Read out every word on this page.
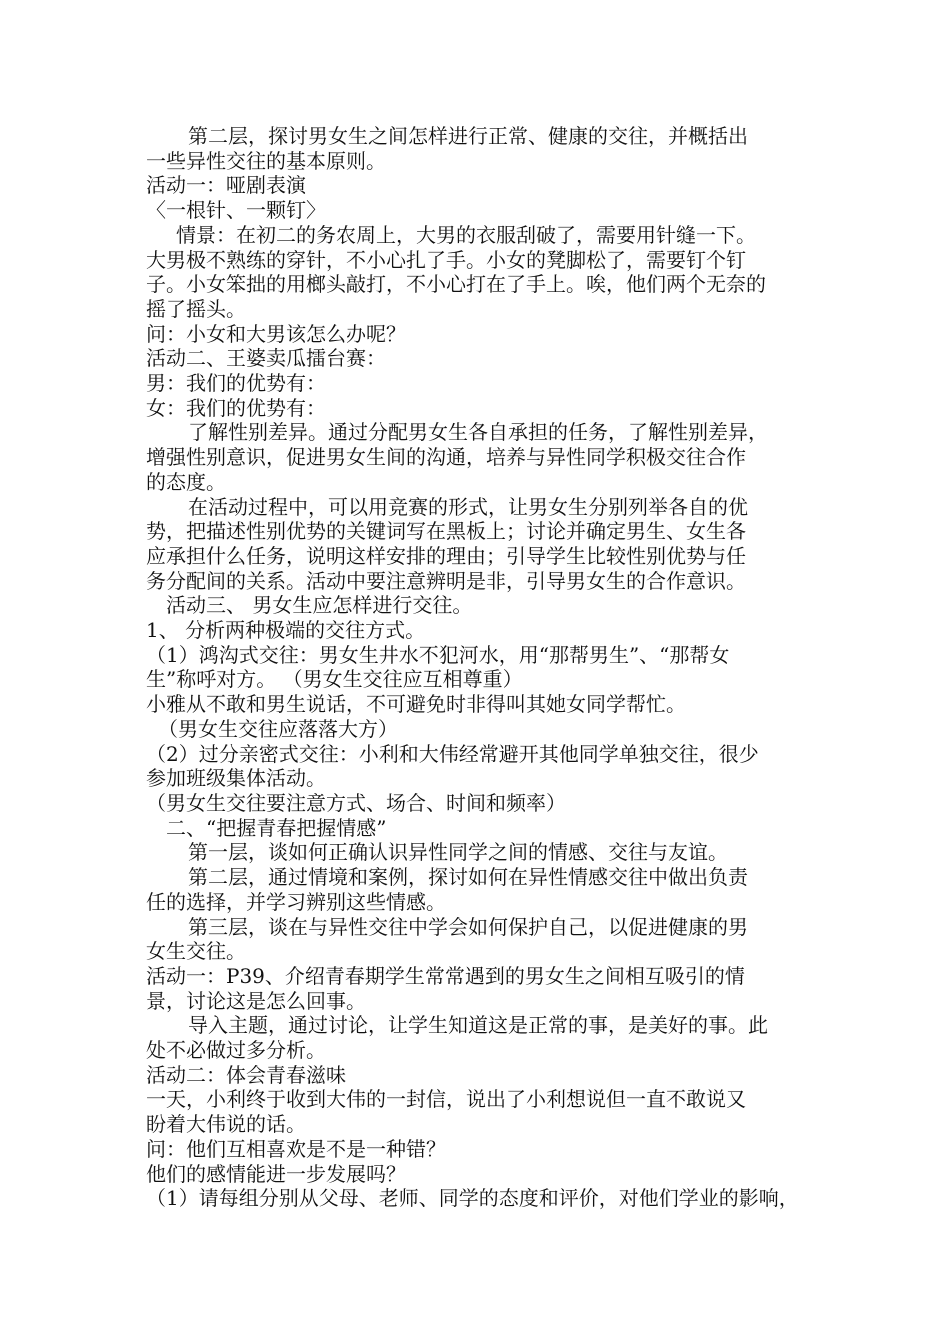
第二层，探讨男女生之间怎样进行正常、健康的交往，并概括出

一些异性交往的基本原则。

活动一：哑剧表演

〈一根针、一颗钉〉

情景：在初二的务农周上，大男的衣服刮破了，需要用针缝一下。

大男极不熟练的穿针，不小心扎了手。小女的凳脚松了，需要钉个钉

子。小女笨拙的用榔头敲打，不小心打在了手上。唉，他们两个无奈的

摇了摇头。

问：小女和大男该怎么办呢？

活动二、王婆卖瓜擂台赛：

男：我们的优势有：

女：我们的优势有：

了解性别差异。通过分配男女生各自承担的任务，了解性别差异，

增强性别意识，促进男女生间的沟通，培养与异性同学积极交往合作

的态度。

在活动过程中，可以用竞赛的形式，让男女生分别列举各自的优

势，把描述性别优势的关键词写在黑板上；讨论并确定男生、女生各

应承担什么任务，说明这样安排的理由；引导学生比较性别优势与任

务分配间的关系。活动中要注意辨明是非，引导男女生的合作意识。

活动三、 男女生应怎样进行交往。

1、 分析两种极端的交往方式。

（1）鸿沟式交往：男女生井水不犯河水，用“那帮男生”、“那帮女

生”称呼对方。 （男女生交往应互相尊重）

小雅从不敢和男生说话，不可避免时非得叫其她女同学帮忙。

（男女生交往应落落大方）

（2）过分亲密式交往：小利和大伟经常避开其他同学单独交往，很少

参加班级集体活动。

（男女生交往要注意方式、场合、时间和频率）

二、“把握青春把握情感”

第一层，谈如何正确认识异性同学之间的情感、交往与友谊。

第二层，通过情境和案例，探讨如何在异性情感交往中做出负责

任的选择，并学习辨别这些情感。

第三层，谈在与异性交往中学会如何保护自己，以促进健康的男

女生交往。

活动一：P39、介绍青春期学生常常遇到的男女生之间相互吸引的情

景，讨论这是怎么回事。

导入主题，通过讨论，让学生知道这是正常的事，是美好的事。此

处不必做过多分析。

活动二：体会青春滋味

一天，小利终于收到大伟的一封信，说出了小利想说但一直不敢说又

盼着大伟说的话。

问：他们互相喜欢是不是一种错？

他们的感情能进一步发展吗？

（1）请每组分别从父母、老师、同学的态度和评价，对他们学业的影响，
